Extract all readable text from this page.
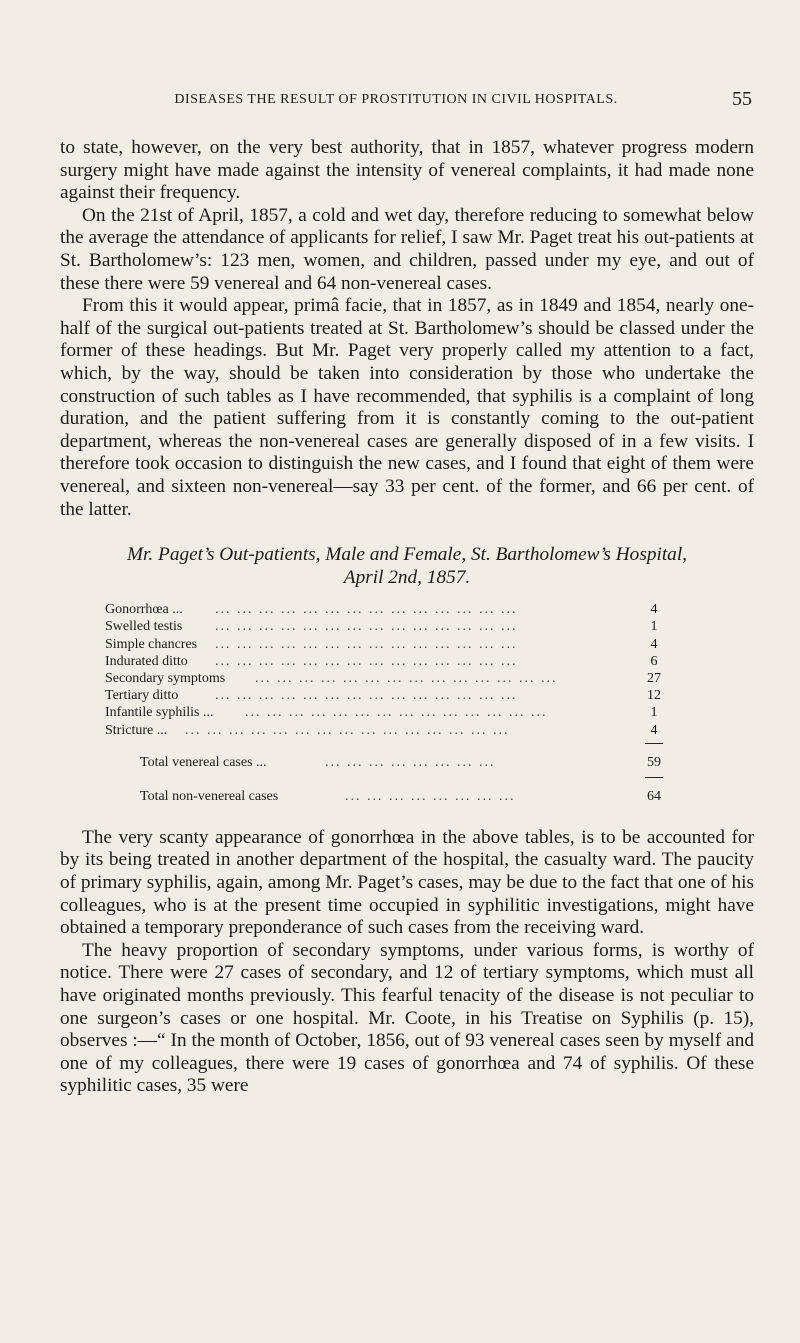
DISEASES THE RESULT OF PROSTITUTION IN CIVIL HOSPITALS.	55

to state, however, on the very best authority, that in 1857, whatever progress modern surgery might have made against the intensity of venereal complaints, it had made none against their frequency.

On the 21st of April, 1857, a cold and wet day, therefore reducing to somewhat below the average the attendance of applicants for relief, I saw Mr. Paget treat his out-patients at St. Bartholomew’s: 123 men, women, and children, passed under my eye, and out of these there were 59 venereal and 64 non-venereal cases.

From this it would appear, primâ facie, that in 1857, as in 1849 and 1854, nearly one-half of the surgical out-patients treated at St. Bartholomew’s should be classed under the former of these headings. But Mr. Paget very properly called my attention to a fact, which, by the way, should be taken into consideration by those who undertake the construction of such tables as I have recommended, that syphilis is a complaint of long duration, and the patient suffering from it is constantly coming to the out-patient department, whereas the non-venereal cases are generally disposed of in a few visits. I therefore took occasion to distinguish the new cases, and I found that eight of them were venereal, and sixteen non-venereal—say 33 per cent. of the former, and 66 per cent. of the latter.

Mr. Paget’s Out-patients, Male and Female, St. Bartholomew’s Hospital,
April 2nd, 1857.
Gonorrhœa ... ... ... ... ... ... ... ... ... ... ... ... ... ... ...	4
Swelled testis ... ... ... ... ... ... ... ... ... ... ... ... ... ...	1
Simple chancres ... ... ... ... ... ... ... ... ... ... ... ... ... ...	4
Indurated ditto ... ... ... ... ... ... ... ... ... ... ... ... ... ...	6
Secondary symptoms ... ... ... ... ... ... ... ... ... ... ... ... ... ...	27
Tertiary ditto	... ... ... ... ... ... ... ... ... ... ... ... ... ...	12
Infantile syphilis ... ... ... ... ... ... ... ... ... ... ... ... ... ... ...	1
Stricture ... ... ... ... ... ... ... ... ... ... ... ... ... ... ... ...	4
Total venereal cases ...	... ... ... ... ... ... ... ...	59
Total non-venereal cases	... ... ... ... ... ... ... ...	64

The very scanty appearance of gonorrhœa in the above tables, is to be accounted for by its being treated in another department of the hospital, the casualty ward. The paucity of primary syphilis, again, among Mr. Paget’s cases, may be due to the fact that one of his colleagues, who is at the present time occupied in syphilitic investigations, might have obtained a temporary preponderance of such cases from the receiving ward.

The heavy proportion of secondary symptoms, under various forms, is worthy of notice. There were 27 cases of secondary, and 12 of tertiary symptoms, which must all have originated months previously. This fearful tenacity of the disease is not peculiar to one surgeon’s cases or one hospital. Mr. Coote, in his Treatise on Syphilis (p. 15), observes :—“ In the month of October, 1856, out of 93 venereal cases seen by myself and one of my colleagues, there were 19 cases of gonorrhœa and 74 of syphilis. Of these syphilitic cases, 35 were
